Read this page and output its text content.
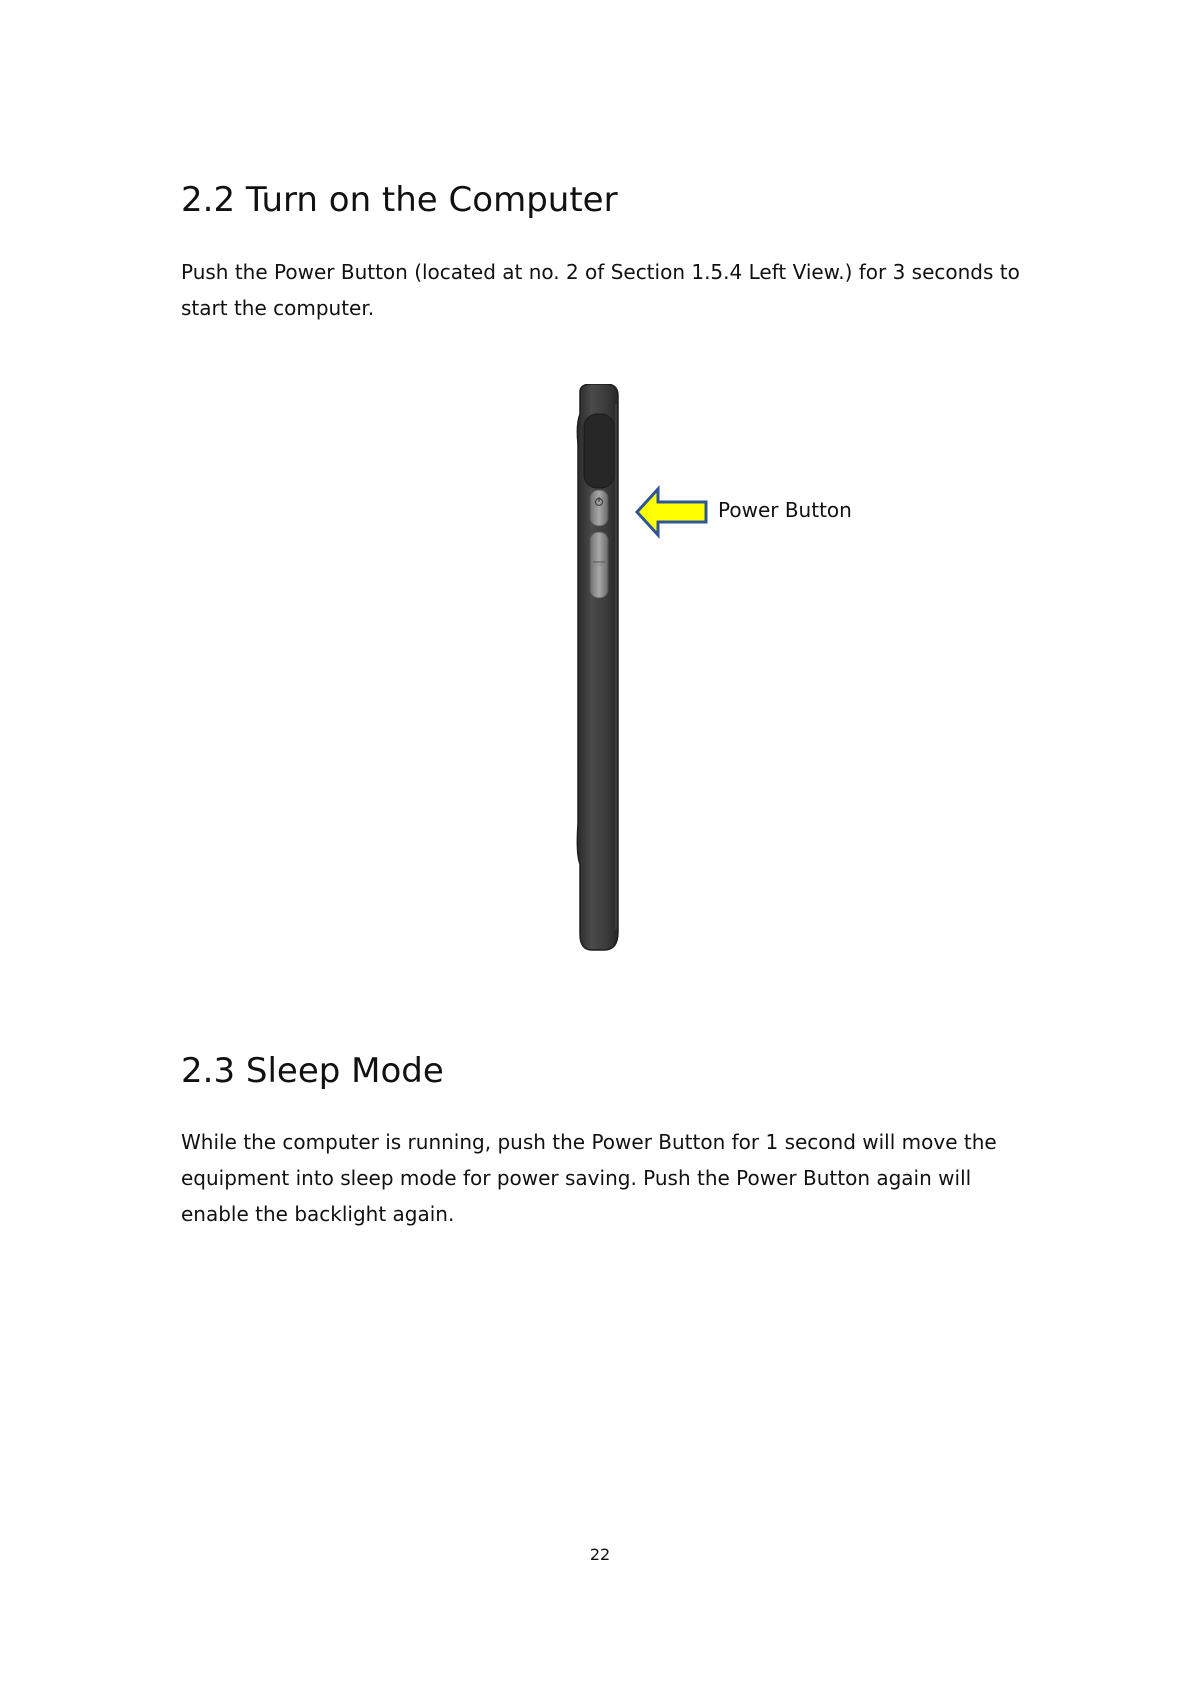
2.2 Turn on the Computer

Push the Power Button (located at no. 2 of Section 1.5.4 Left View.) for 3 seconds to start the computer.

Power Button
2.3 Sleep Mode

While the computer is running, push the Power Button for 1 second will move the equipment into sleep mode for power saving. Push the Power Button again will enable the backlight again.

22
